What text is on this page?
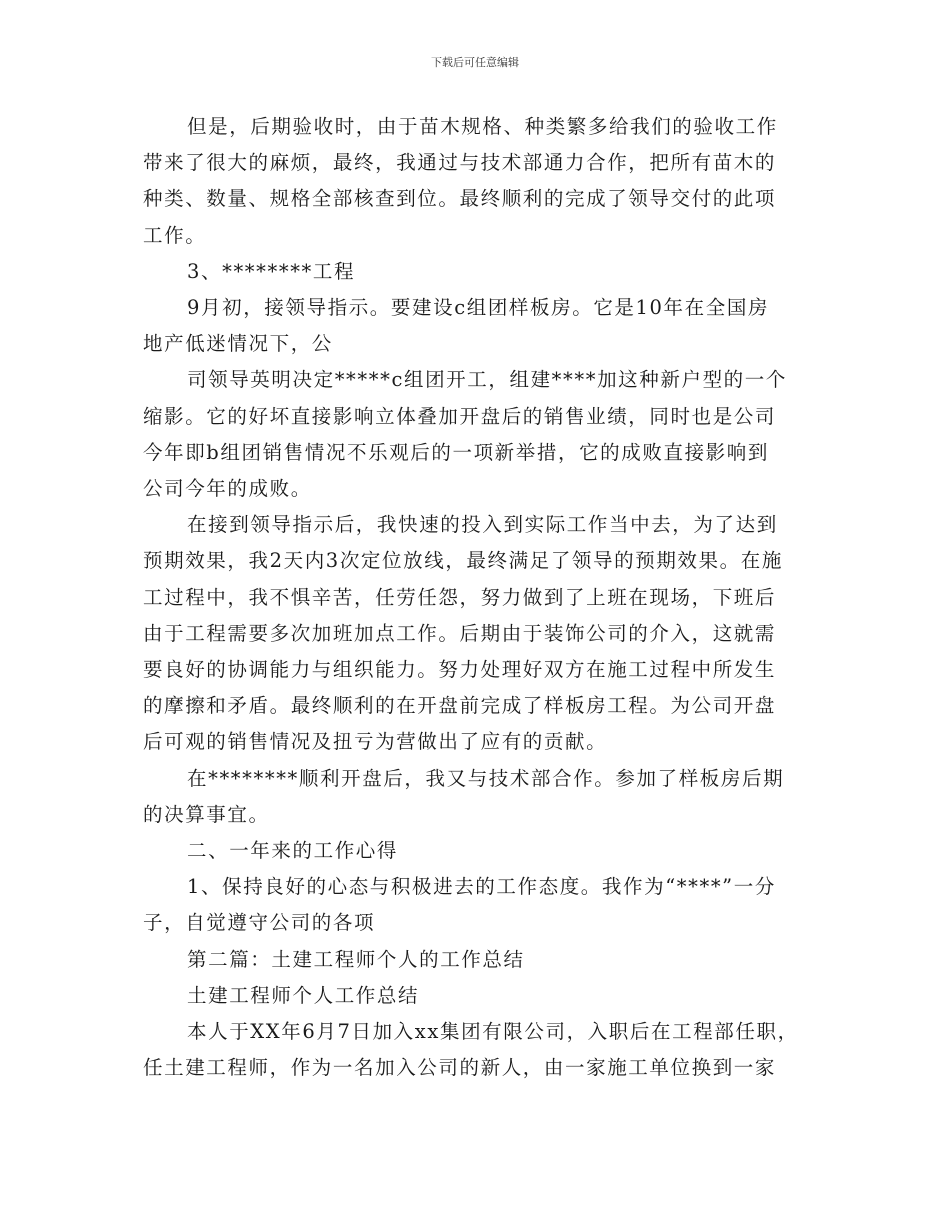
下载后可任意编辑
但是，后期验收时，由于苗木规格、种类繁多给我们的验收工作
带来了很大的麻烦，最终，我通过与技术部通力合作，把所有苗木的
种类、数量、规格全部核查到位。最终顺利的完成了领导交付的此项
工作。
3、********工程
9月初，接领导指示。要建设c组团样板房。它是10年在全国房
地产低迷情况下，公
司领导英明决定*****c组团开工，组建****加这种新户型的一个
缩影。它的好坏直接影响立体叠加开盘后的销售业绩，同时也是公司
今年即b组团销售情况不乐观后的一项新举措，它的成败直接影响到
公司今年的成败。
在接到领导指示后，我快速的投入到实际工作当中去，为了达到
预期效果，我2天内3次定位放线，最终满足了领导的预期效果。在施
工过程中，我不惧辛苦，任劳任怨，努力做到了上班在现场，下班后
由于工程需要多次加班加点工作。后期由于装饰公司的介入，这就需
要良好的协调能力与组织能力。努力处理好双方在施工过程中所发生
的摩擦和矛盾。最终顺利的在开盘前完成了样板房工程。为公司开盘
后可观的销售情况及扭亏为营做出了应有的贡献。
在********顺利开盘后，我又与技术部合作。参加了样板房后期
的决算事宜。
二、一年来的工作心得
1、保持良好的心态与积极进去的工作态度。我作为“****”一分
子，自觉遵守公司的各项
第二篇：土建工程师个人的工作总结
土建工程师个人工作总结
本人于XX年6月7日加入xx集团有限公司，入职后在工程部任职，
任土建工程师，作为一名加入公司的新人，由一家施工单位换到一家
